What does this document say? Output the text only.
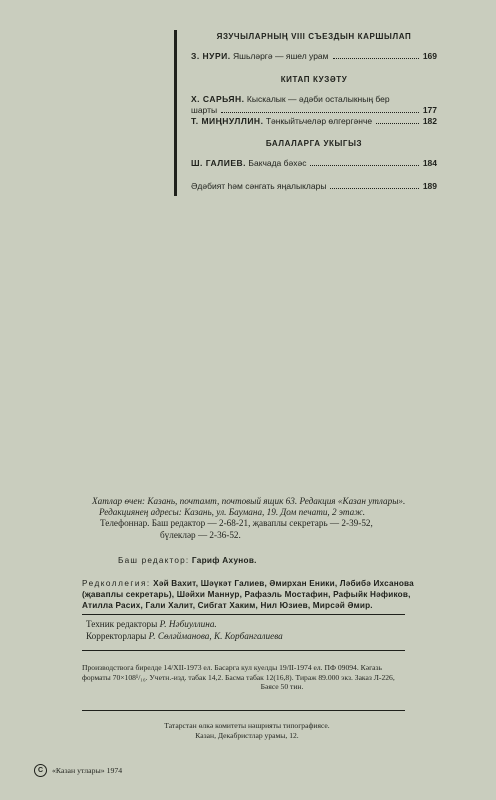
ЯЗУЧЫЛАРНЫҢ VIII СЪЕЗДЫН КАРШЫЛАП

З. НУРИ. Яшьләргә — яшел урам	169

КИТАП КУЗӘТУ

Х. САРЬЯН. Кыскалык — әдәби осталыкның бер
шарты	177
Т. МИҢНУЛЛИН. Тәнкыйтьчеләр өлгергәнче	182

БАЛАЛАРГА УКЫГЫЗ

Ш. ГАЛИЕВ. Бакчада бәхәс	184
Әдәбият һәм сәнгать яңалыклары	189
Хатлар өчен: Казань, почтамт, почтовый ящик 63. Редакция «Казан утлары».
Редакциянең адресы: Казань, ул. Баумана, 19. Дом печати, 2 этаж.
Телефоннар. Баш редактор — 2-68-21, җаваплы секретарь — 2-39-52,
бүлекләр — 2-36-52.
Баш редактор: Гариф Ахунов.
Редколлегия: Хәй Вахит, Шәүкәт Галиев, Әмирхан Еники, Ләбибә Ихсанова
(җаваплы секретарь), Шәйхи Маннур, Рафаэль Мостафин, Рафыйк Нәфиков,
Атилла Расих, Гали Халит, Сибгат Хаким, Нил Юзиев, Мирсәй Әмир.
Техник редакторы Р. Нәбиуллина.
Корректорлары Р. Сөләйманова, К. Корбангалиева
Производствога бирелде 14/XII-1973 ел. Басарга кул куелды 19/II-1974 ел. ПФ 09094. Кәгазь
форматы 70×108¹/₁₆. Учетн.-изд. табак 14,2. Басма табак 12(16,8). Тираж 89.000 экз. Заказ Л-226,
Бәясе 50 тин.
Татарстан өлкә комитеты нәшрияты типографиясе.
Казан, Декабристлар урамы, 12.
C	«Казан утлары» 1974
